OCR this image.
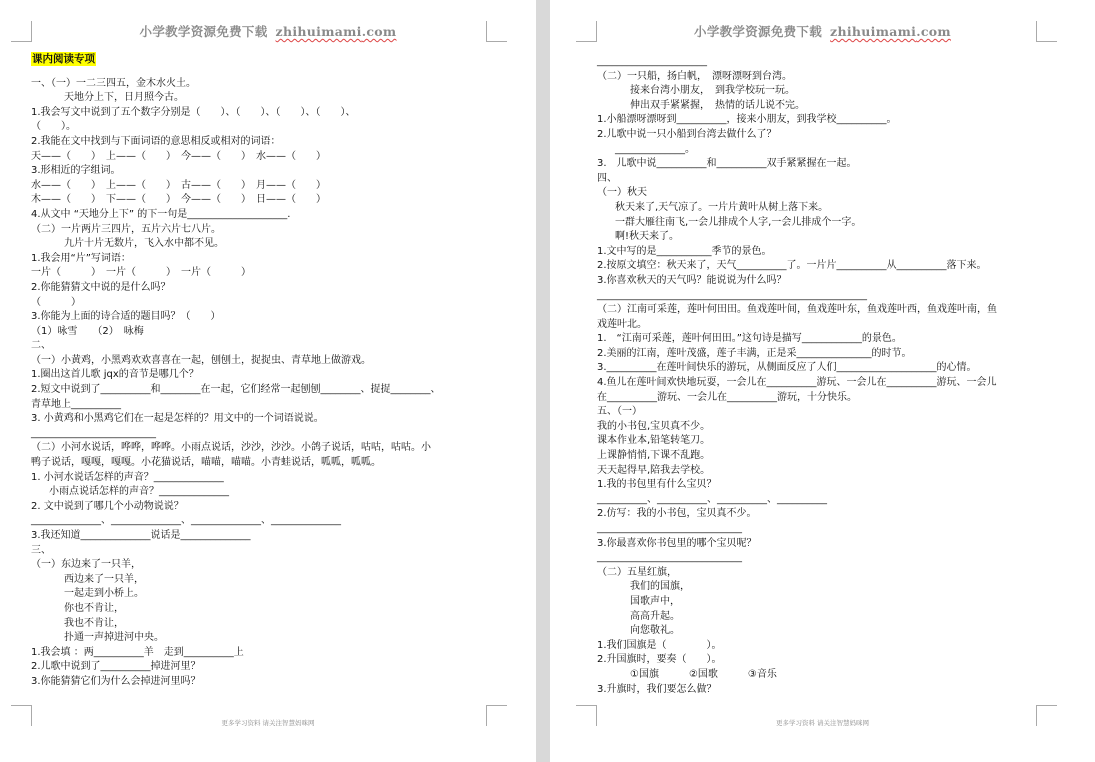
小学教学资源免费下载 zhihuimami.com
课内阅读专项
一、（一）一二三四五，金木水火土。
天地分上下，日月照今古。
1.我会写文中说到了五个数字分别是（　　）、（　　）、（　　）、（　　）、
（　　）。
2.我能在文中找到与下面词语的意思相反或相对的词语：
天——（　　）　上——（　　）　今——（　　）　水——（　　）
3.形相近的字组词。
水——（　　）　上——（　　）　古——（　　）　月——（　　）
木——（　　）　下——（　　）　今——（　　）　日——（　　）
4.从文中 “天地分上下” 的下一句是____________________.
（二）一片两片三四片，五片六片七八片。
九片十片无数片，飞入水中都不见。
1.我会用“片”写词语：
一片（　　　）　一片（　　　）　一片（　　　）
2.你能猜猜文中说的是什么吗？
（　　　）
3.你能为上面的诗合适的题目吗？（　　）
（1）咏雪　　（2）　咏梅
二、
（一）小黄鸡，小黑鸡欢欢喜喜在一起，刨刨土，捉捉虫、青草地上做游戏。
1.圈出这首儿歌 jqx的音节是哪几个？
2.短文中说到了__________和________在一起，它们经常一起刨刨________、捉捉________、
青草地上__________
3. 小黄鸡和小黑鸡它们在一起是怎样的？用文中的一个词语说说。
_________________________
（二）小河水说话，哗哗，哗哗。小雨点说话，沙沙，沙沙。小鸽子说话，咕咕，咕咕。小
鸭子说话，嘎嘎，嘎嘎。小花猫说话，喵喵，喵喵。小青蛙说话，呱呱，呱呱。
1. 小河水说话怎样的声音？______________
小雨点说话怎样的声音？______________
2. 文中说到了哪几个小动物说说？
______________、______________、______________、______________
3.我还知道______________说话是______________
三、
（一）东边来了一只羊，
西边来了一只羊，
一起走到小桥上。
你也不肯让，
我也不肯让，
扑通一声掉进河中央。
1.我会填 ：两__________羊　走到__________上
2.儿歌中说到了__________掉进河里？
3.你能猜猜它们为什么会掉进河里吗？
更多学习资料 请关注智慧妈咪网
小学教学资源免费下载 zhihuimami.com
______________________
（二）一只船，扬白帆，　漂呀漂呀到台湾。
接来台湾小朋友，　到我学校玩一玩。
伸出双手紧紧握，　热情的话儿说不完。
1.小船漂呀漂呀到__________，接来小朋友，到我学校__________。
2.儿歌中说一只小船到台湾去做什么了？
______________。
3.　儿歌中说__________和__________双手紧紧握在一起。
四、
（一）秋天
秋天来了,天气凉了。一片片黄叶从树上落下来。
一群大雁往南飞,一会儿排成个人字,一会儿排成个一字。
啊!秋天来了。
1.文中写的是___________季节的景色。
2.按原文填空：秋天来了，天气__________了。一片片__________从__________落下来。
3.你喜欢秋天的天气吗？能说说为什么吗？
______________________________________________________
（二）江南可采莲，莲叶何田田。鱼戏莲叶间，鱼戏莲叶东，鱼戏莲叶西，鱼戏莲叶南，鱼
戏莲叶北。
1.　“江南可采莲，莲叶何田田。”这句诗是描写____________的景色。
2.美丽的江南，莲叶茂盛，莲子丰满，正是采_______________的时节。
3.__________在莲叶间快乐的游玩，从侧面反应了人们____________________的心情。
4.鱼儿在莲叶间欢快地玩耍，一会儿在__________游玩、一会儿在__________游玩、一会儿
在__________游玩、一会儿在__________游玩，十分快乐。
五、（一）
我的小书包,宝贝真不少。
课本作业本,铅笔转笔刀。
上课静悄悄,下课不乱跑。
天天起得早,陪我去学校。
1.我的书包里有什么宝贝？
__________、__________、__________、__________
2.仿写：我的小书包，宝贝真不少。
_____________________________
3.你最喜欢你书包里的哪个宝贝呢？
_____________________________
（二）五星红旗，
我们的国旗，
国歌声中，
高高升起。
向您敬礼。
1.我们国旗是（　　　　）。
2.升国旗时，要奏（　　）。
①国旗　　　②国歌　　　③音乐
3.升旗时，我们要怎么做？
更多学习资料 请关注智慧妈咪网
